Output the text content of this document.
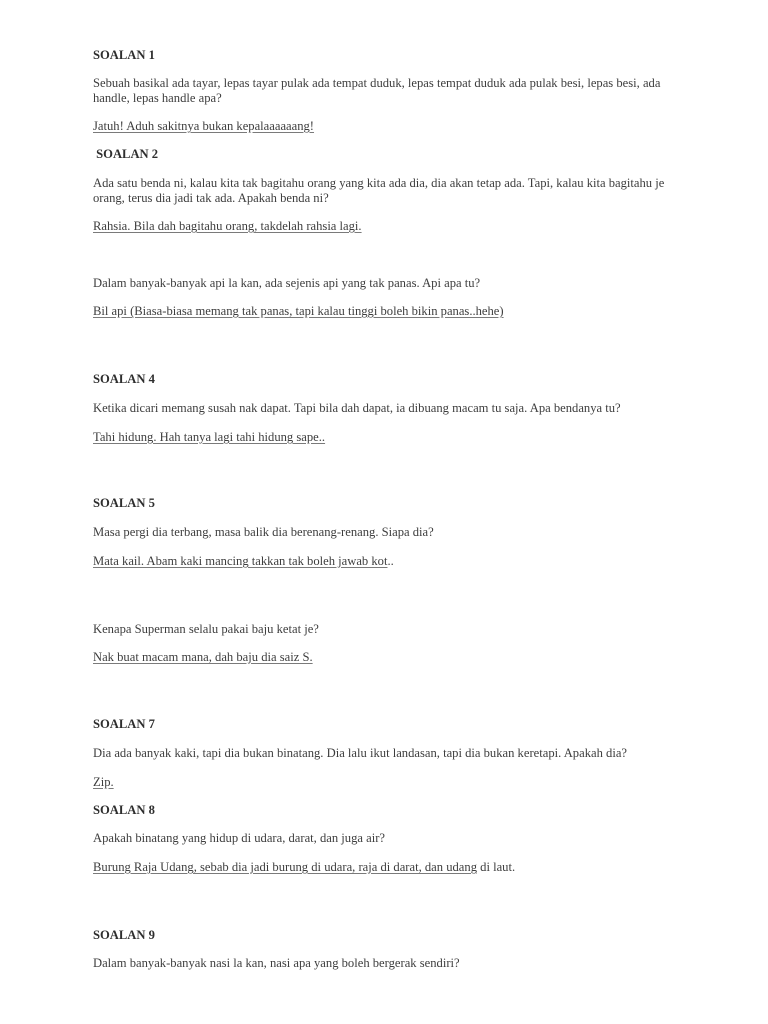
SOALAN 1

Sebuah basikal ada tayar, lepas tayar pulak ada tempat duduk, lepas tempat duduk ada pulak besi, lepas besi, ada handle, lepas handle apa?

Jatuh! Aduh sakitnya bukan kepalaaaaaang!

SOALAN 2

Ada satu benda ni, kalau kita tak bagitahu orang yang kita ada dia, dia akan tetap ada. Tapi, kalau kita bagitahu je orang, terus dia jadi tak ada. Apakah benda ni?

Rahsia. Bila dah bagitahu orang, takdelah rahsia lagi.

Dalam banyak-banyak api la kan, ada sejenis api yang tak panas. Api apa tu?

Bil api (Biasa-biasa memang tak panas, tapi kalau tinggi boleh bikin panas..hehe)

SOALAN 4

Ketika dicari memang susah nak dapat. Tapi bila dah dapat, ia dibuang macam tu saja. Apa bendanya tu?

Tahi hidung. Hah tanya lagi tahi hidung sape..

SOALAN 5

Masa pergi dia terbang, masa balik dia berenang-renang. Siapa dia?

Mata kail. Abam kaki mancing takkan tak boleh jawab kot..

Kenapa Superman selalu pakai baju ketat je?

Nak buat macam mana, dah baju dia saiz S.

SOALAN 7

Dia ada banyak kaki, tapi dia bukan binatang. Dia lalu ikut landasan, tapi dia bukan keretapi. Apakah dia?

Zip.

SOALAN 8

Apakah binatang yang hidup di udara, darat, dan juga air?

Burung Raja Udang, sebab dia jadi burung di udara, raja di darat, dan udang di laut.

SOALAN 9

Dalam banyak-banyak nasi la kan, nasi apa yang boleh bergerak sendiri?
